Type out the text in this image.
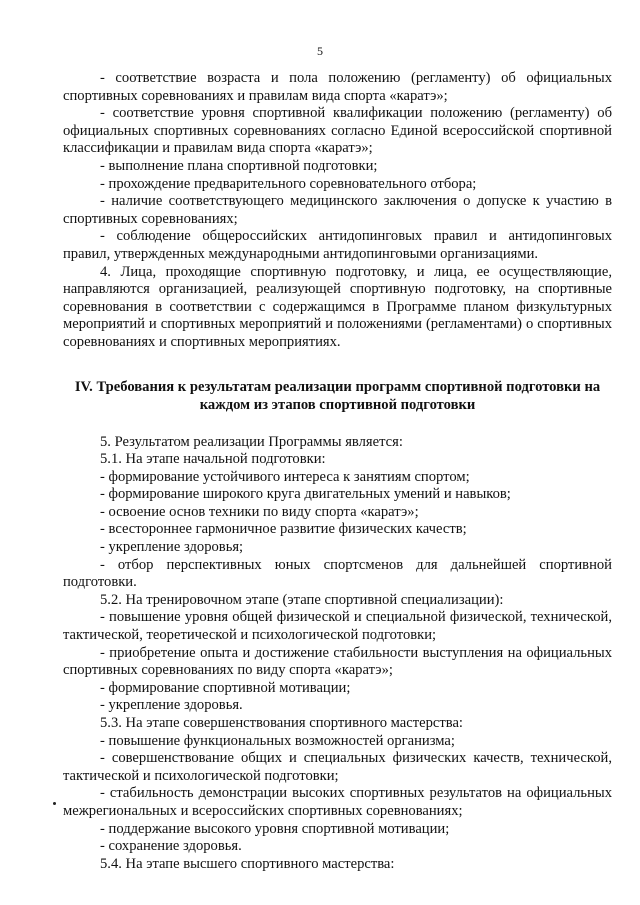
5

- соответствие возраста и пола положению (регламенту) об официальных спортивных соревнованиях и правилам вида спорта «каратэ»;

- соответствие уровня спортивной квалификации положению (регламенту) об официальных спортивных соревнованиях согласно Единой всероссийской спортивной классификации и правилам вида спорта «каратэ»;

- выполнение плана спортивной подготовки;

- прохождение предварительного соревновательного отбора;

- наличие соответствующего медицинского заключения о допуске к участию в спортивных соревнованиях;

- соблюдение общероссийских антидопинговых правил и антидопинговых правил, утвержденных международными антидопинговыми организациями.

4. Лица, проходящие спортивную подготовку, и лица, ее осуществляющие, направляются организацией, реализующей спортивную подготовку, на спортивные соревнования в соответствии с содержащимся в Программе планом физкультурных мероприятий и спортивных мероприятий и положениями (регламентами) о спортивных соревнованиях и спортивных мероприятиях.

IV. Требования к результатам реализации программ спортивной подготовки на каждом из этапов спортивной подготовки

5. Результатом реализации Программы является:

5.1. На этапе начальной подготовки:

- формирование устойчивого интереса к занятиям спортом;

- формирование широкого круга двигательных умений и навыков;

- освоение основ техники по виду спорта «каратэ»;

- всестороннее гармоничное развитие физических качеств;

- укрепление здоровья;

- отбор перспективных юных спортсменов для дальнейшей спортивной подготовки.

5.2. На тренировочном этапе (этапе спортивной специализации):

- повышение уровня общей физической и специальной физической, технической, тактической, теоретической и психологической подготовки;

- приобретение опыта и достижение стабильности выступления на официальных спортивных соревнованиях по виду спорта «каратэ»;

- формирование спортивной мотивации;

- укрепление здоровья.

5.3. На этапе совершенствования спортивного мастерства:

- повышение функциональных возможностей организма;

- совершенствование общих и специальных физических качеств, технической, тактической и психологической подготовки;

- стабильность демонстрации высоких спортивных результатов на официальных межрегиональных и всероссийских спортивных соревнованиях;

- поддержание высокого уровня спортивной мотивации;

- сохранение здоровья.

5.4. На этапе высшего спортивного мастерства:
